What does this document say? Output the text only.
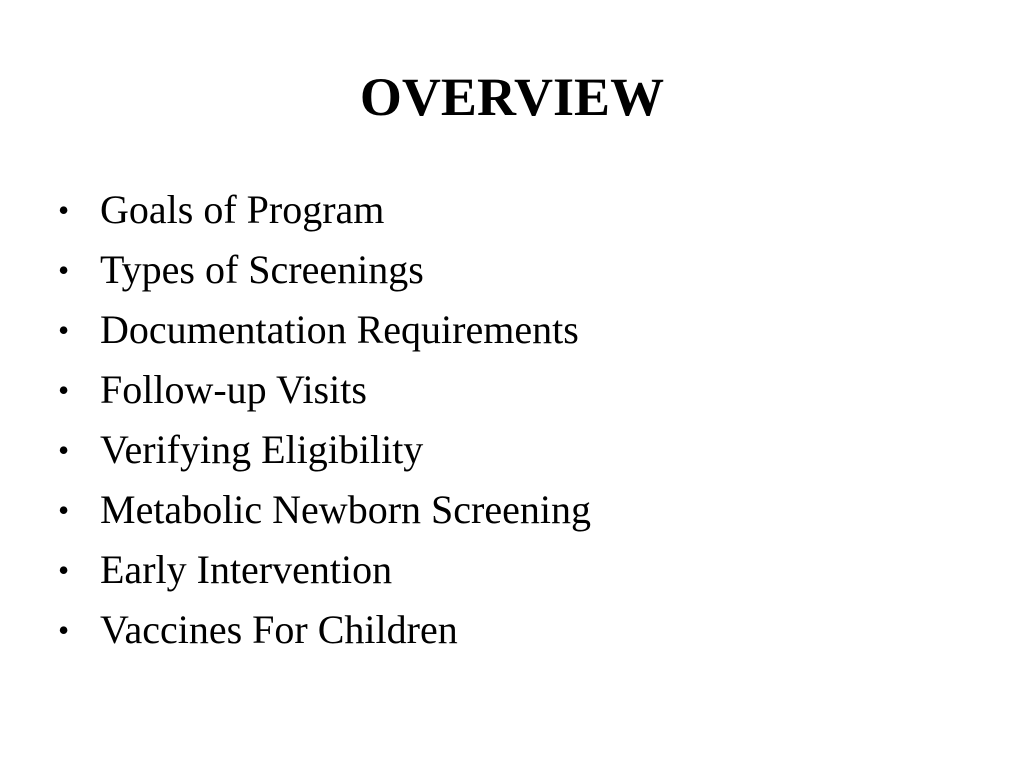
OVERVIEW
• Goals of Program
• Types of Screenings
• Documentation Requirements
• Follow-up Visits
• Verifying Eligibility
• Metabolic Newborn Screening
• Early Intervention
• Vaccines For Children
